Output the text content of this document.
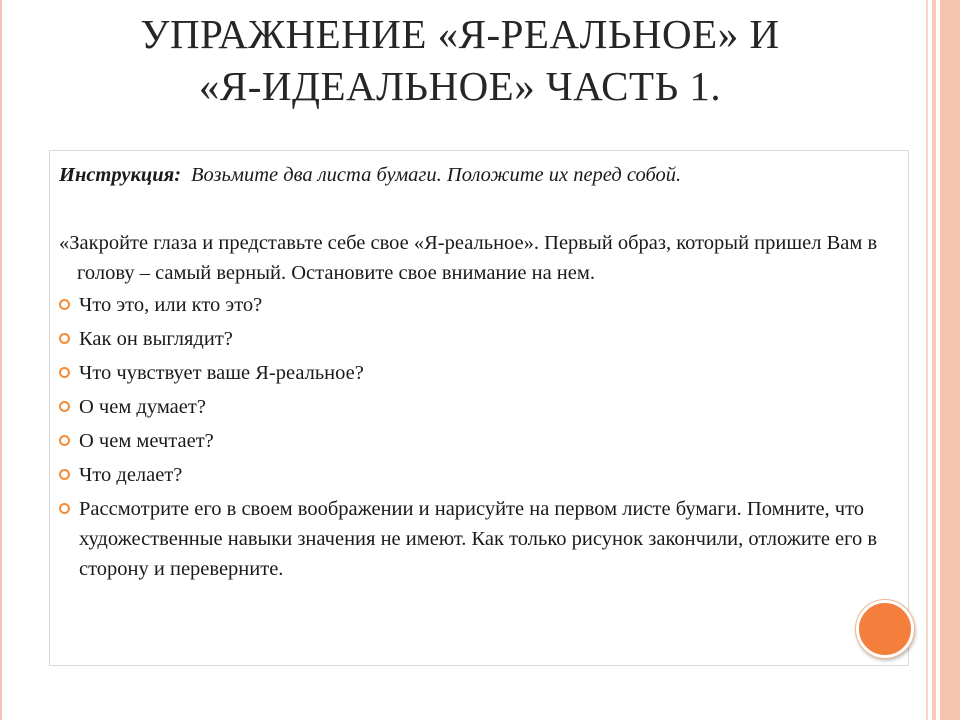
УПРАЖНЕНИЕ «Я-РЕАЛЬНОЕ» И
«Я-ИДЕАЛЬНОЕ» ЧАСТЬ 1.

Инструкция: Возьмите два листа бумаги. Положите их перед собой.

«Закройте глаза и представьте себе свое «Я-реальное». Первый образ, который пришел Вам в голову – самый верный. Остановите свое внимание на нем.
Что это, или кто это?
Как он выглядит?
Что чувствует ваше Я-реальное?
О чем думает?
О чем мечтает?
Что делает?
Рассмотрите его в своем воображении и нарисуйте на первом листе бумаги. Помните, что художественные навыки значения не имеют. Как только рисунок закончили, отложите его в сторону и переверните.
